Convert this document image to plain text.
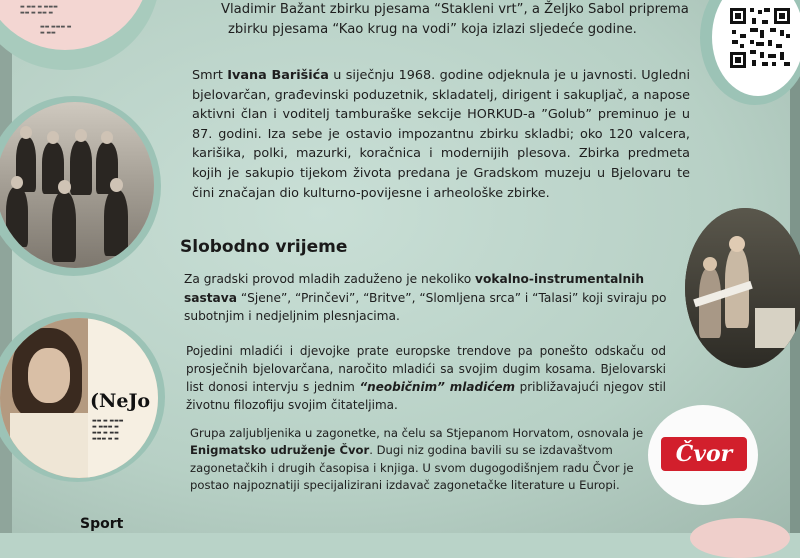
▬ ▬▬ ▬ ▬▬▬
▬▬ ▬ ▬▬ ▬
▬▬ ▬▬▬ ▬
▬ ▬▬
(NeJo
▬▬ ▬ ▬▬▬
▬ ▬▬▬ ▬
▬▬ ▬ ▬▬
▬▬▬ ▬ ▬
Čvor
Vladimir Bažant zbirku pjesama “Stakleni vrt”, a Željko Sabol priprema
zbirku pjesama “Kao krug na vodi” koja izlazi sljedeće godine.
Smrt Ivana Barišića u siječnju 1968. godine odjeknula je u javnosti. Ugledni bjelovarčan, građevinski poduzetnik, skladatelj, dirigent i sakupljač, a napose aktivni član i voditelj tamburaške sekcije HORKUD-a ”Golub” preminuo je u 87. godini. Iza sebe je ostavio impozantnu zbirku skladbi; oko 120 valcera, karišika, polki, mazurki, koračnica i modernijih plesova. Zbirka predmeta kojih je sakupio tijekom života predana je Gradskom muzeju u Bjelovaru te čini značajan dio kulturno-povijesne i arheološke zbirke.
Slobodno vrijeme
Za gradski provod mladih zaduženo je nekoliko vokalno-instrumentalnih sastava “Sjene”, “Prinčevi”, “Britve”, “Slomljena srca” i “Talasi” koji sviraju po subotnjim i nedjeljnim plesnjacima.
Pojedini mladići i djevojke prate europske trendove pa ponešto odskaču od prosječnih bjelovarčana, naročito mladići sa svojim dugim kosama. Bjelovarski list donosi intervju s jednim “neobičnim” mladićem približavajući njegov stil životnu filozofiju svojim čitateljima.
Grupa zaljubljenika u zagonetke, na čelu sa Stjepanom Horvatom, osnovala je Enigmatsko udruženje Čvor. Dugi niz godina bavili su se izdavaštvom zagonetačkih i drugih časopisa i knjiga. U svom dugogodišnjem radu Čvor je postao najpoznatiji specijalizirani izdavač zagonetačke literature u Europi.
Sport
